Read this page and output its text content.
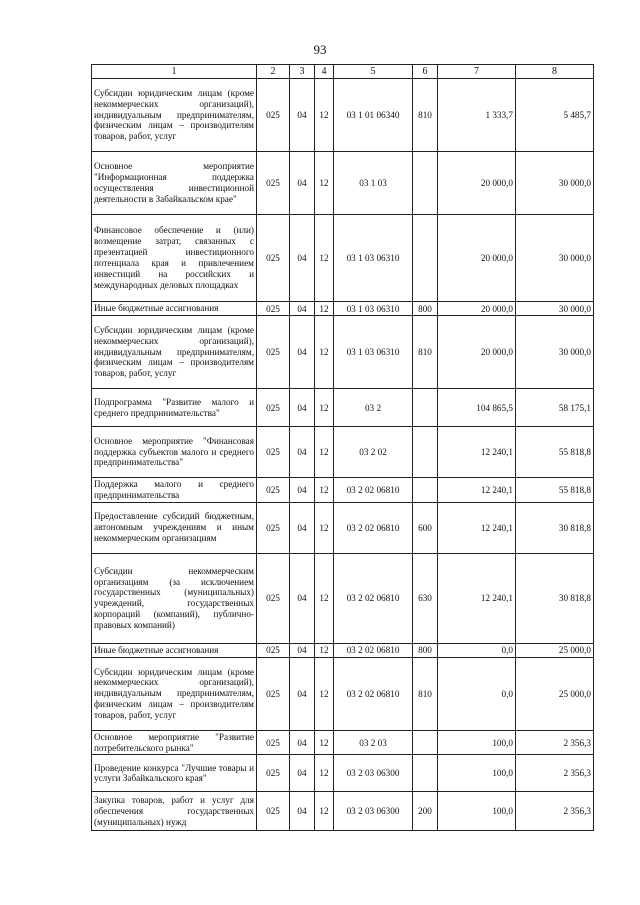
93
1	2	3	4	5	6	7	8
Субсидии юридическим лицам (кроме некоммерческих организаций), индивидуальным предпринимателям, физическим лицам – производителям товаров, работ, услуг	025	04	12	03 1 01 06340	810	1 333,7	5 485,7
Основное мероприятие "Информационная поддержка осуществления инвестиционной деятельности в Забайкальском крае"	025	04	12	03 1 03		20 000,0	30 000,0
Финансовое обеспечение и (или) возмещение затрат, связанных с презентацией инвестиционного потенциала края и привлечением инвестиций на российских и международных деловых площадках	025	04	12	03 1 03 06310		20 000,0	30 000,0
Иные бюджетные ассигнования	025	04	12	03 1 03 06310	800	20 000,0	30 000,0
Субсидии юридическим лицам (кроме некоммерческих организаций), индивидуальным предпринимателям, физическим лицам – производителям товаров, работ, услуг	025	04	12	03 1 03 06310	810	20 000,0	30 000,0
Подпрограмма "Развитие малого и среднего предпринимательства"	025	04	12	03 2		104 865,5	58 175,1
Основное мероприятие "Финансовая поддержка субъектов малого и среднего предпринимательства"	025	04	12	03 2 02		12 240,1	55 818,8
Поддержка малого и среднего предпринимательства	025	04	12	03 2 02 06810		12 240,1	55 818,8
Предоставление субсидий бюджетным, автономным учреждениям и иным некоммерческим организациям	025	04	12	03 2 02 06810	600	12 240,1	30 818,8
Субсидии некоммерческим организациям (за исключением государственных (муниципальных) учреждений, государственных корпораций (компаний), публично-правовых компаний)	025	04	12	03 2 02 06810	630	12 240,1	30 818,8
Иные бюджетные ассигнования	025	04	12	03 2 02 06810	800	0,0	25 000,0
Субсидии юридическим лицам (кроме некоммерческих организаций), индивидуальным предпринимателям, физическим лицам – производителям товаров, работ, услуг	025	04	12	03 2 02 06810	810	0,0	25 000,0
Основное мероприятие "Развитие потребительского рынка"	025	04	12	03 2 03		100,0	2 356,3
Проведение конкурса "Лучшие товары и услуги Забайкальского края"	025	04	12	03 2 03 06300		100,0	2 356,3
Закупка товаров, работ и услуг для обеспечения государственных (муниципальных) нужд	025	04	12	03 2 03 06300	200	100,0	2 356,3
